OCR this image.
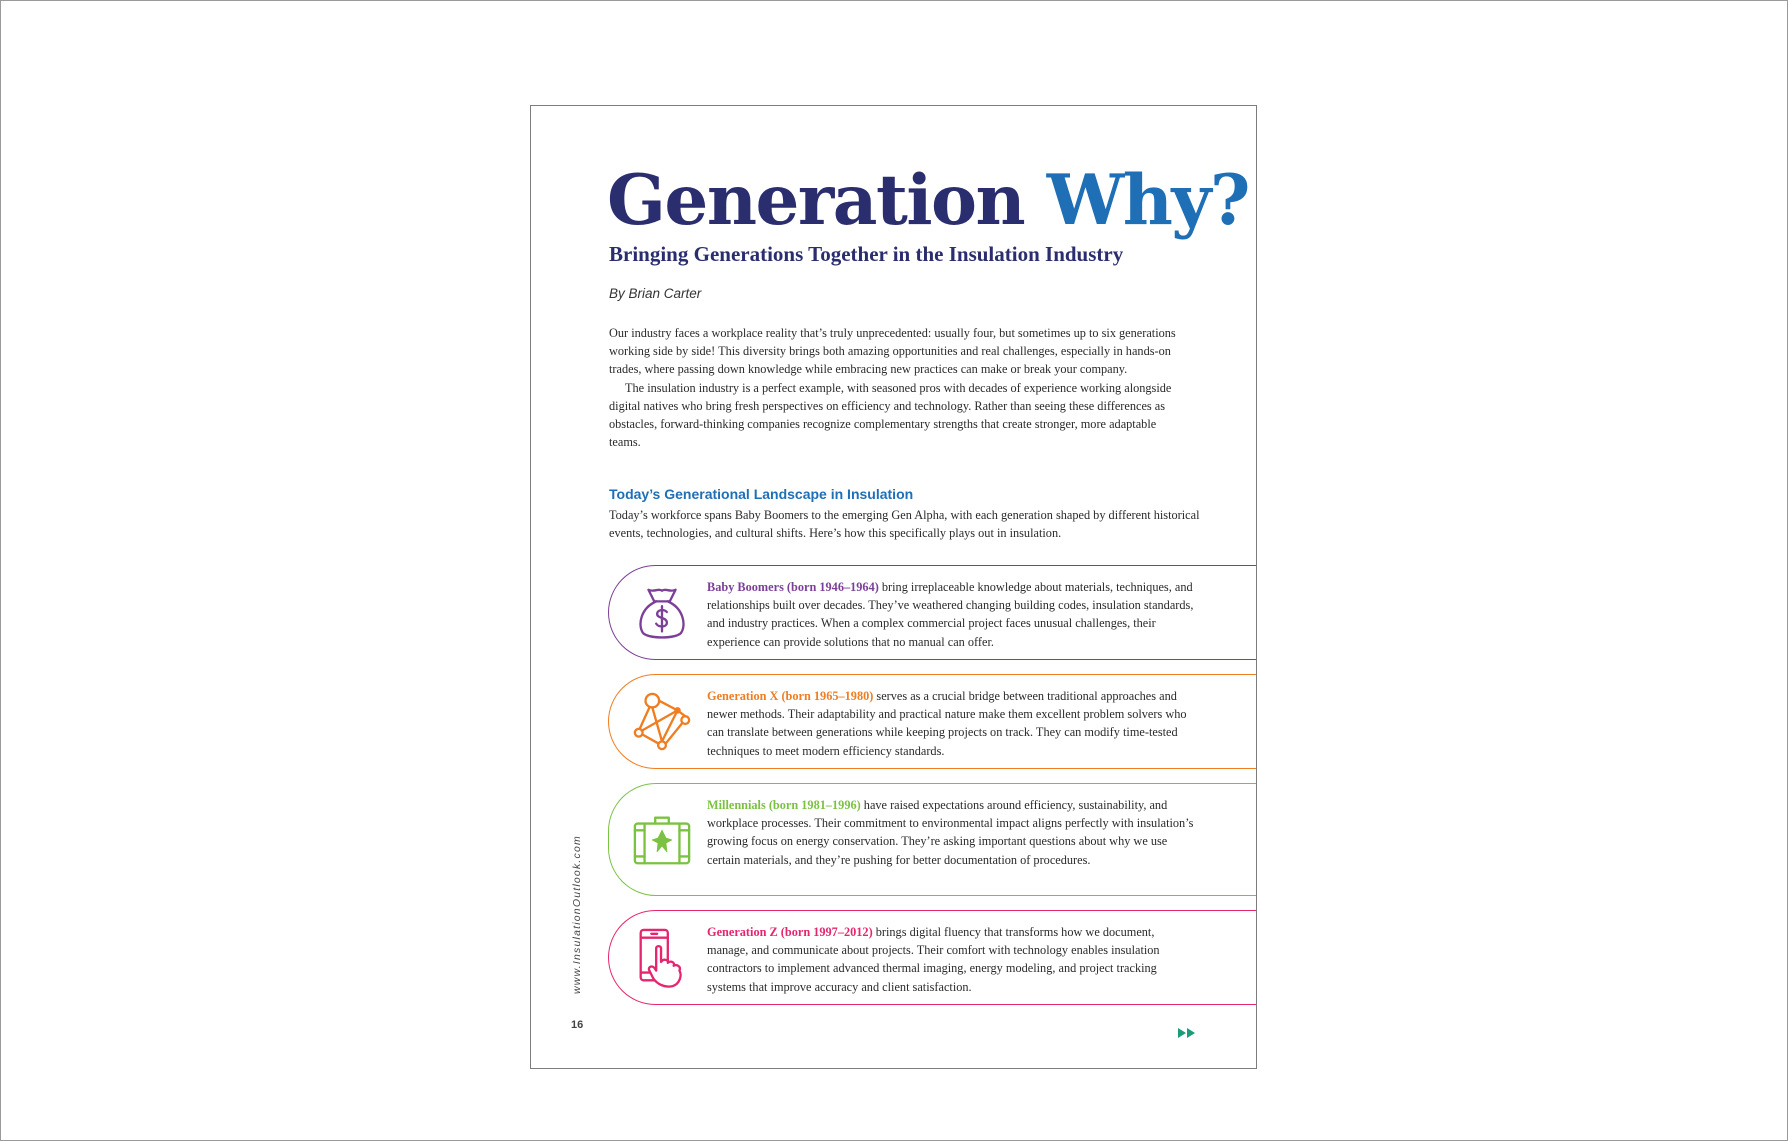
Generation Why?
Bringing Generations Together in the Insulation Industry
By Brian Carter

Our industry faces a workplace reality that’s truly unprecedented: usually four, but sometimes up to six generations working side by side! This diversity brings both amazing opportunities and real challenges, especially in hands-on trades, where passing down knowledge while embracing new practices can make or break your company.

The insulation industry is a perfect example, with seasoned pros with decades of experience working alongside digital natives who bring fresh perspectives on efficiency and technology. Rather than seeing these differences as obstacles, forward-thinking companies recognize complementary strengths that create stronger, more adaptable teams.

Today’s Generational Landscape in Insulation

Today’s workforce spans Baby Boomers to the emerging Gen Alpha, with each generation shaped by different historical events, technologies, and cultural shifts. Here’s how this specifically plays out in insulation.

Baby Boomers (born 1946–1964) bring irreplaceable knowledge about materials, techniques, and relationships built over decades. They’ve weathered changing building codes, insulation standards, and industry practices. When a complex commercial project faces unusual challenges, their experience can provide solutions that no manual can offer.

Generation X (born 1965–1980) serves as a crucial bridge between traditional approaches and newer methods. Their adaptability and practical nature make them excellent problem solvers who can translate between generations while keeping projects on track. They can modify time-tested techniques to meet modern efficiency standards.

Millennials (born 1981–1996) have raised expectations around efficiency, sustainability, and workplace processes. Their commitment to environmental impact aligns perfectly with insulation’s growing focus on energy conservation. They’re asking important questions about why we use certain materials, and they’re pushing for better documentation of procedures.

Generation Z (born 1997–2012) brings digital fluency that transforms how we document, manage, and communicate about projects. Their comfort with technology enables insulation contractors to implement advanced thermal imaging, energy modeling, and project tracking systems that improve accuracy and client satisfaction.

www.InsulationOutlook.com
16
